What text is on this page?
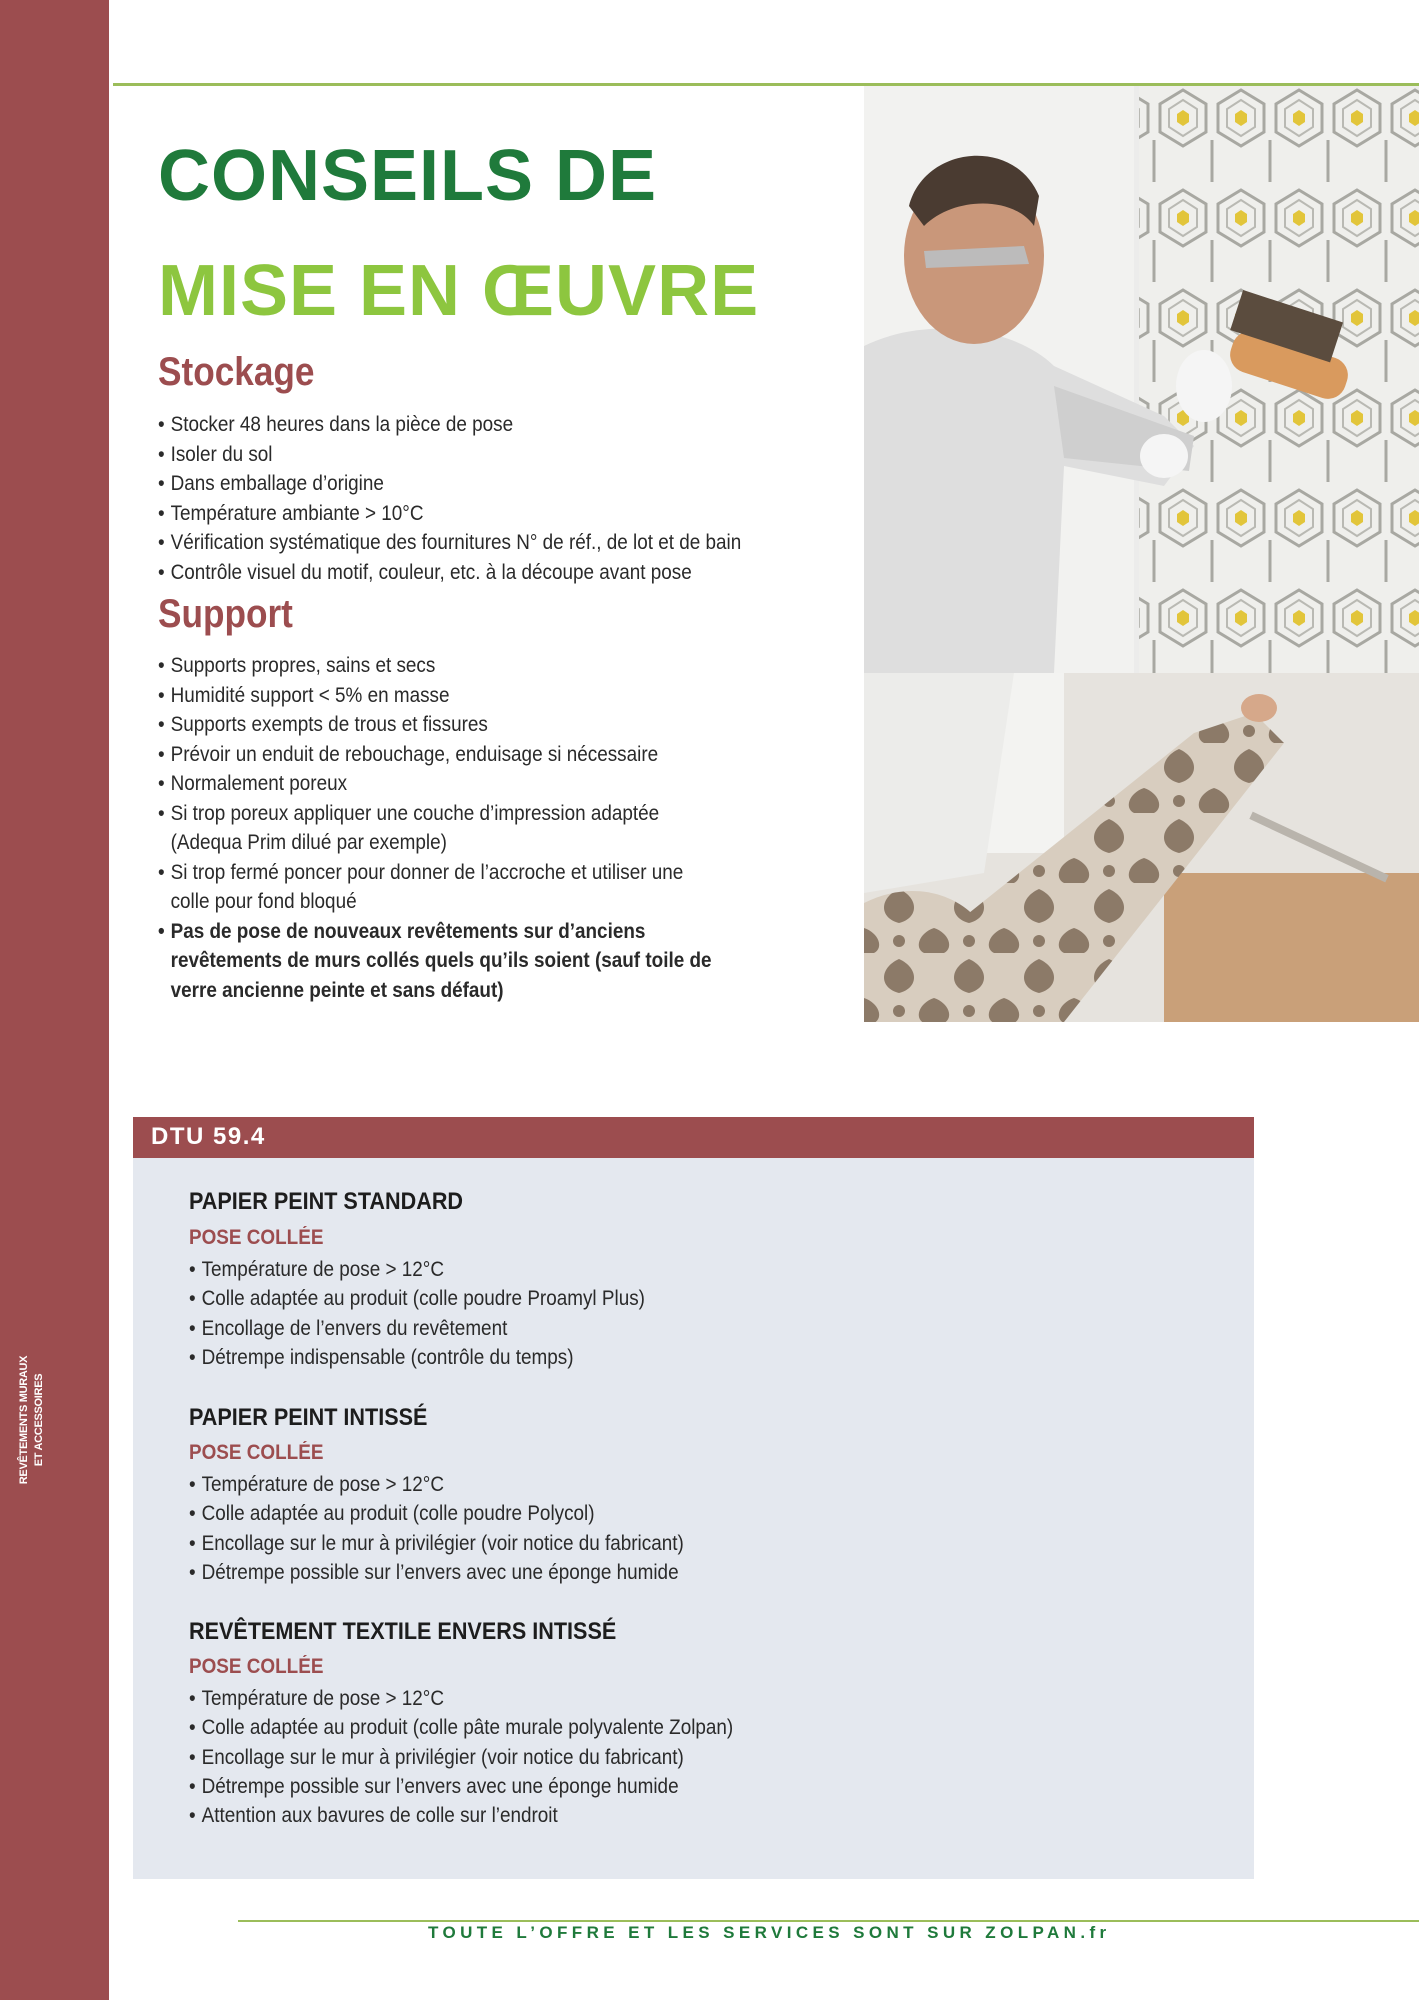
REVÊTEMENTS MURAUX ET ACCESSOIRES
CONSEILS DE
MISE EN ŒUVRE
Stockage
• Stocker 48 heures dans la pièce de pose
• Isoler du sol
• Dans emballage d’origine
• Température ambiante > 10°C
• Vérification systématique des fournitures N° de réf., de lot et de bain
• Contrôle visuel du motif, couleur, etc. à la découpe avant pose
Support
• Supports propres, sains et secs
• Humidité support < 5% en masse
• Supports exempts de trous et fissures
• Prévoir un enduit de rebouchage, enduisage si nécessaire
• Normalement poreux
• Si trop poreux appliquer une couche d’impression adaptée (Adequa Prim dilué par exemple)
• Si trop fermé poncer pour donner de l’accroche et utiliser une colle pour fond bloqué
• Pas de pose de nouveaux revêtements sur d’anciens revêtements de murs collés quels qu’ils soient (sauf toile de verre ancienne peinte et sans défaut)
DTU 59.4
PAPIER PEINT STANDARD
POSE COLLÉE
• Température de pose > 12°C
• Colle adaptée au produit (colle poudre Proamyl Plus)
• Encollage de l’envers du revêtement
• Détrempe indispensable (contrôle du temps)
PAPIER PEINT INTISSÉ
POSE COLLÉE
• Température de pose > 12°C
• Colle adaptée au produit (colle poudre Polycol)
• Encollage sur le mur à privilégier (voir notice du fabricant)
• Détrempe possible sur l’envers avec une éponge humide
REVÊTEMENT TEXTILE ENVERS INTISSÉ
POSE COLLÉE
• Température de pose > 12°C
• Colle adaptée au produit (colle pâte murale polyvalente Zolpan)
• Encollage sur le mur à privilégier (voir notice du fabricant)
• Détrempe possible sur l’envers avec une éponge humide
• Attention aux bavures de colle sur l’endroit
TOUTE L’OFFRE ET LES SERVICES SONT SUR ZOLPAN.fr
